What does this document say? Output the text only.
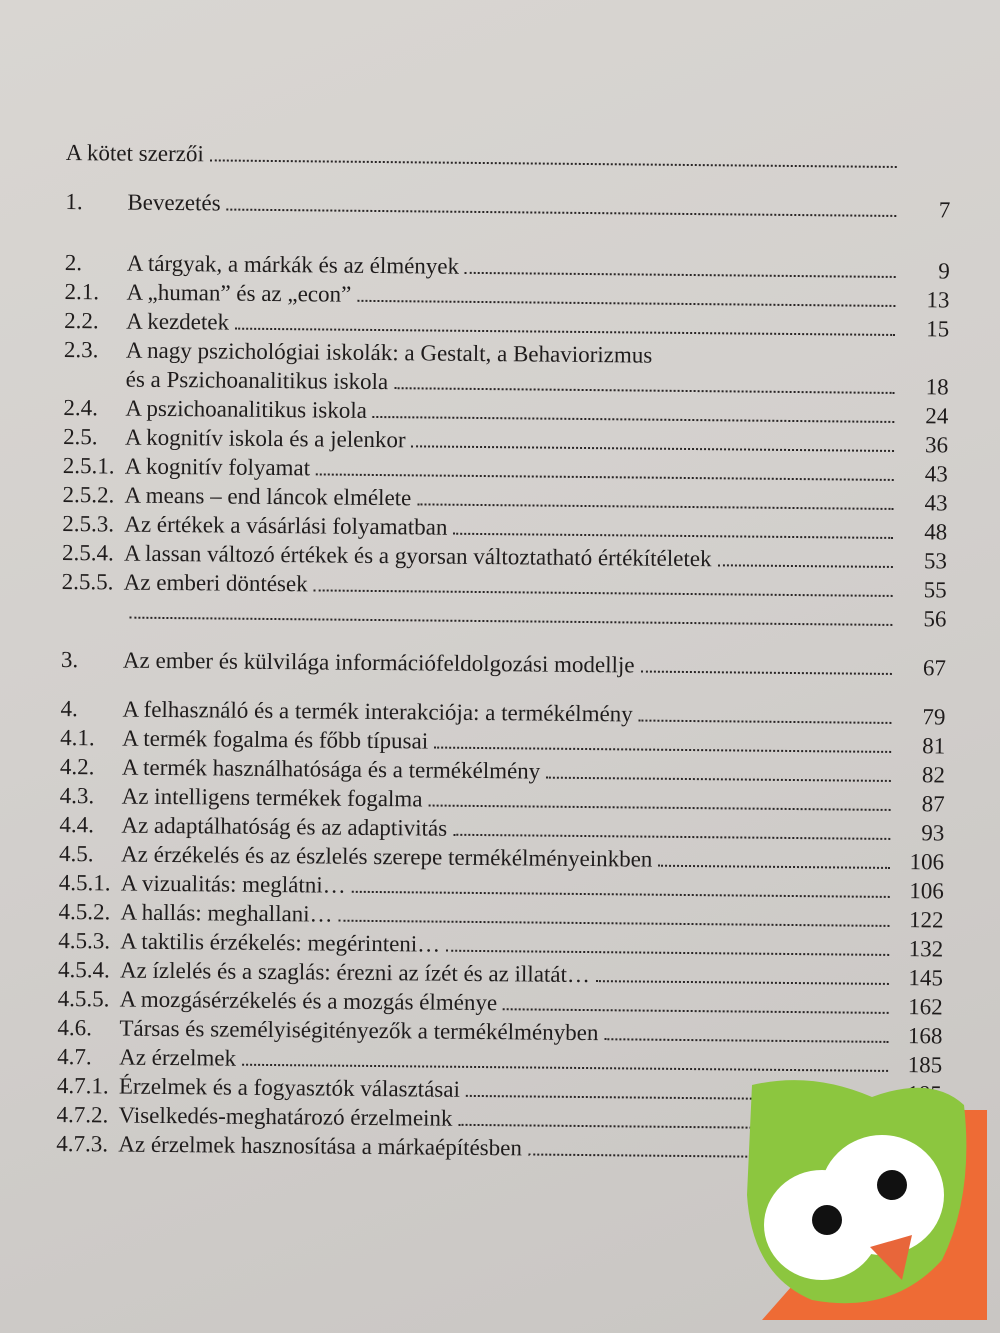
A kötet szerzői
1.	Bevezetés	7
2.	A tárgyak, a márkák és az élmények	9
2.1.	A „human” és az „econ”	13
2.2.	A kezdetek	15
2.3.	A nagy pszichológiai iskolák: a Gestalt, a Behaviorizmus
és a Pszichoanalitikus iskola	18
2.4.	A pszichoanalitikus iskola	24
2.5.	A kognitív iskola és a jelenkor	36
2.5.1. A kognitív folyamat	43
2.5.2. A means – end láncok elmélete	43
2.5.3. Az értékek a vásárlási folyamatban	48
2.5.4. A lassan változó értékek és a gyorsan változtatható értékítéletek	53
2.5.5. Az emberi döntések	55
56
3.	Az ember és külvilága információfeldolgozási modellje	67
4.	A felhasználó és a termék interakciója: a termékélmény	79
4.1.	A termék fogalma és főbb típusai	81
4.2.	A termék használhatósága és a termékélmény	82
4.3.	Az intelligens termékek fogalma	87
4.4.	Az adaptálhatóság és az adaptivitás	93
4.5.	Az érzékelés és az észlelés szerepe termékélményeinkben	106
4.5.1. A vizualitás: meglátni…	106
4.5.2. A hallás: meghallani…	122
4.5.3. A taktilis érzékelés: megérinteni…	132
4.5.4. Az ízlelés és a szaglás: érezni az ízét és az illatát…	145
4.5.5. A mozgásérzékelés és a mozgás élménye	162
4.6.	Társas és személyiségitényezők a termékélményben	168
4.7.	Az érzelmek	185
4.7.1. Érzelmek és a fogyasztók választásai
4.7.2. Viselkedés-meghatározó érzelmeink
4.7.3. Az érzelmek hasznosítása a márkaépítésben
